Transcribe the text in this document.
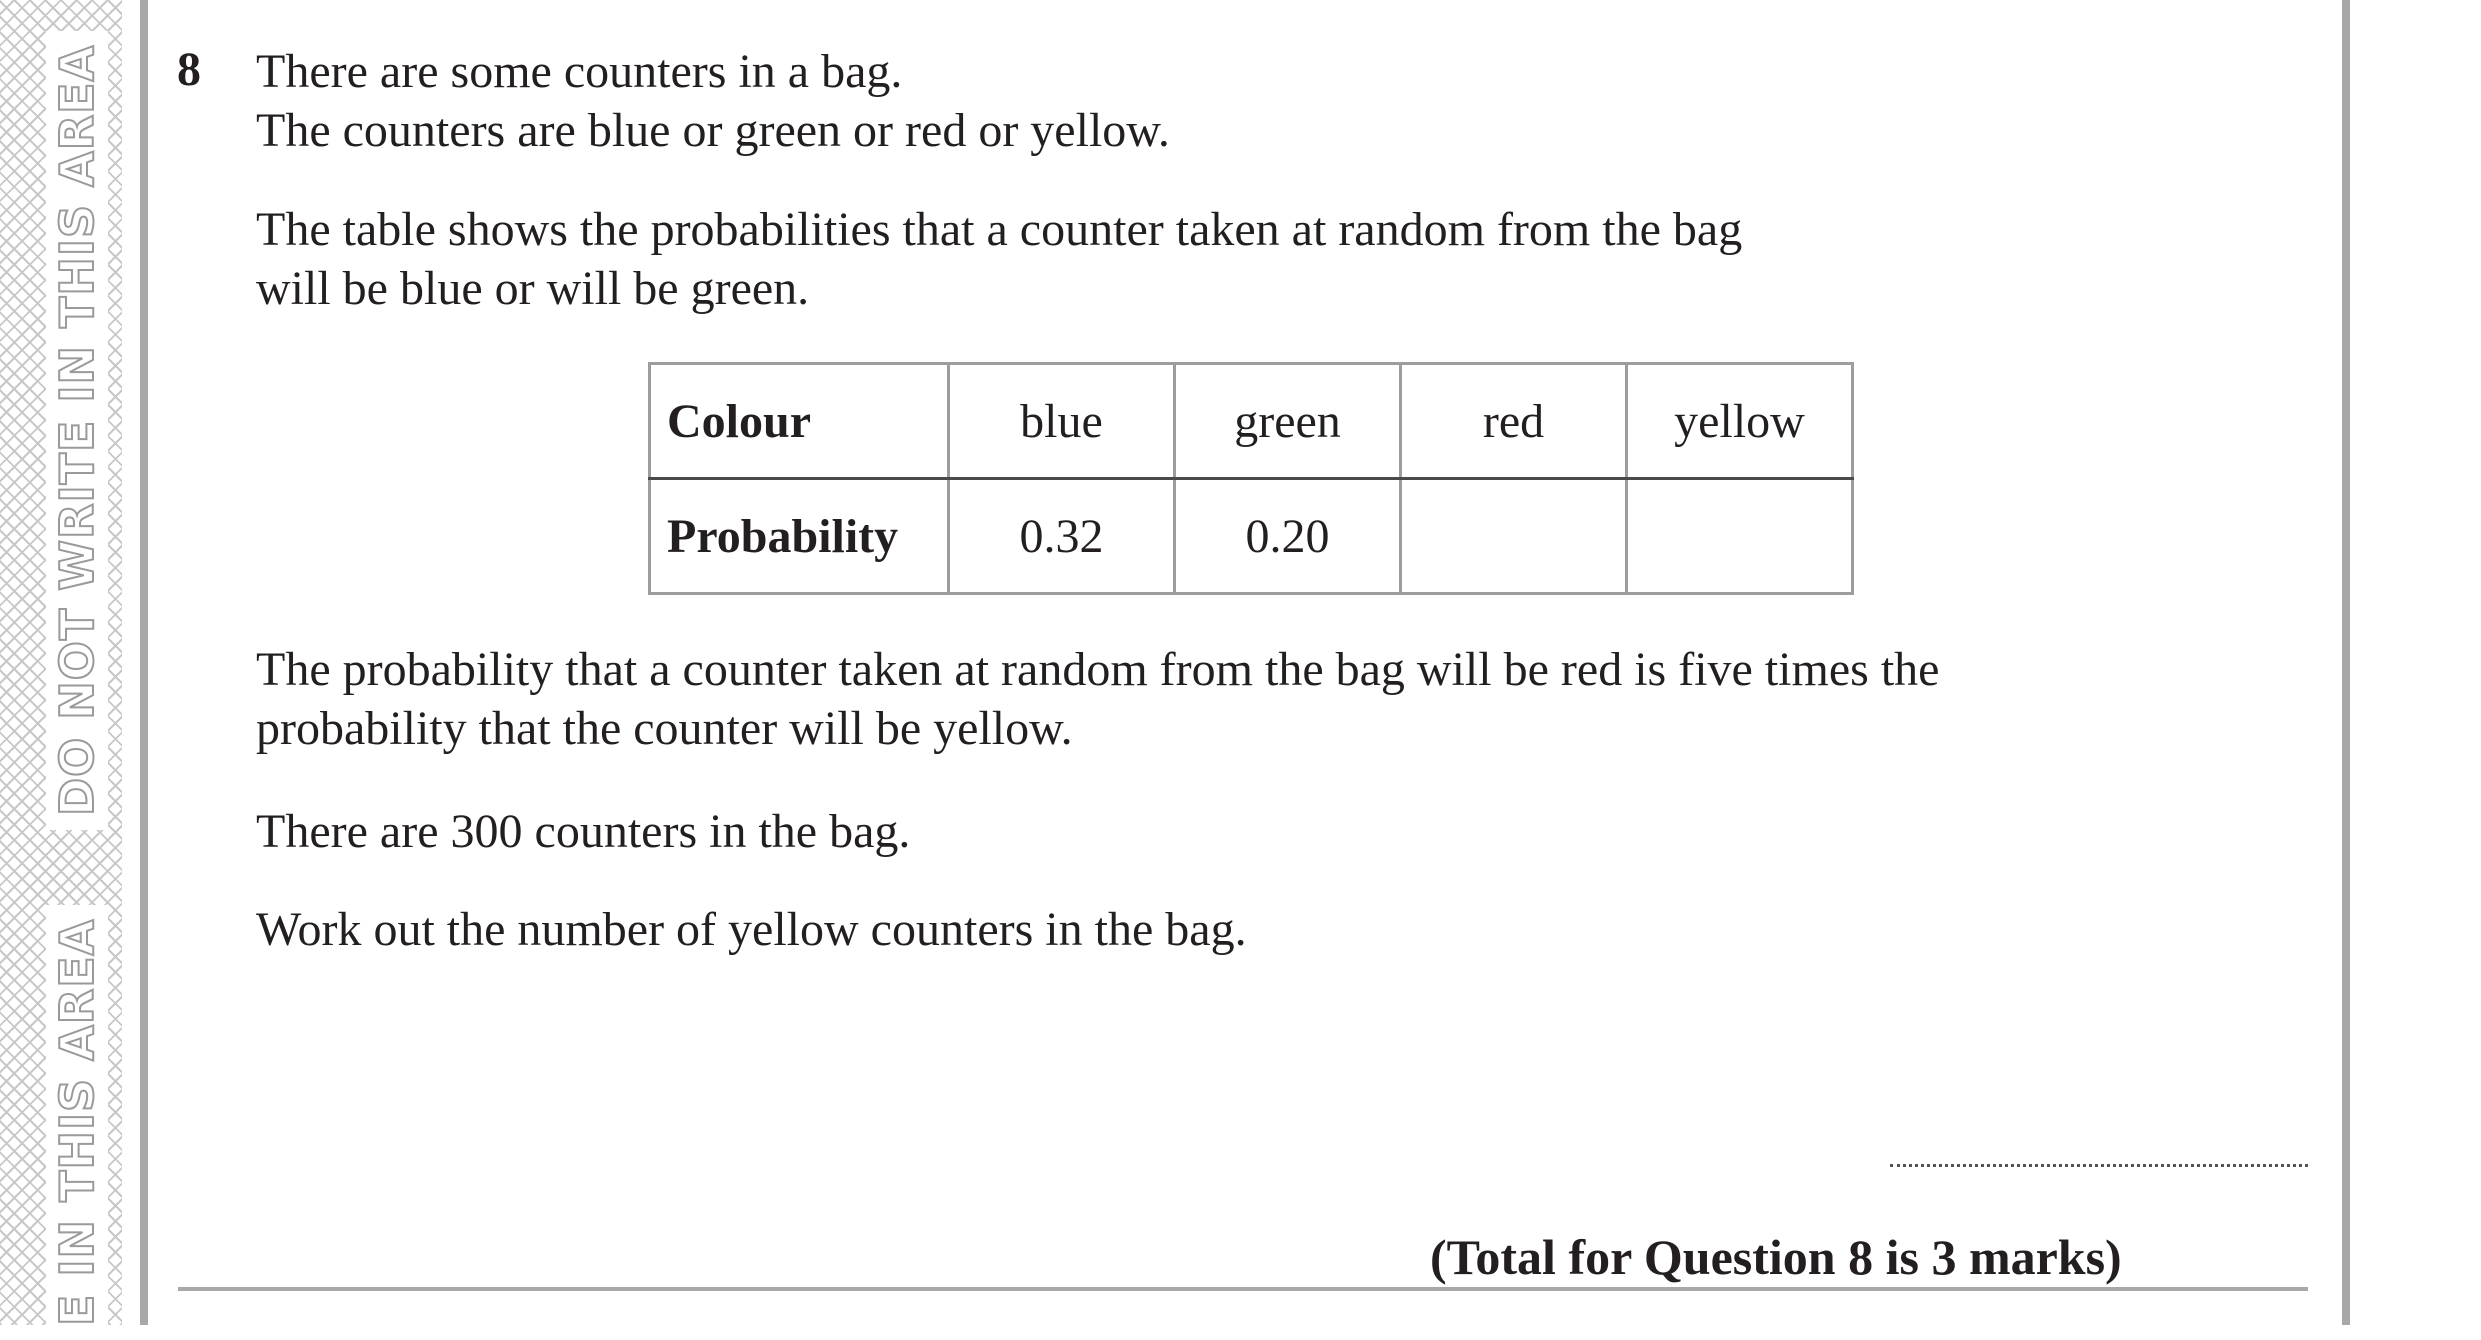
DO NOT WRITE IN THIS AREA
E IN THIS AREA
8 There are some counters in a bag.
The counters are blue or green or red or yellow.
The table shows the probabilities that a counter taken at random from the bag
will be blue or will be green.
Colour	blue	green	red	yellow
Probability	0.32	0.20		
The probability that a counter taken at random from the bag will be red is five times the
probability that the counter will be yellow.
There are 300 counters in the bag.
Work out the number of yellow counters in the bag.
(Total for Question 8 is 3 marks)
